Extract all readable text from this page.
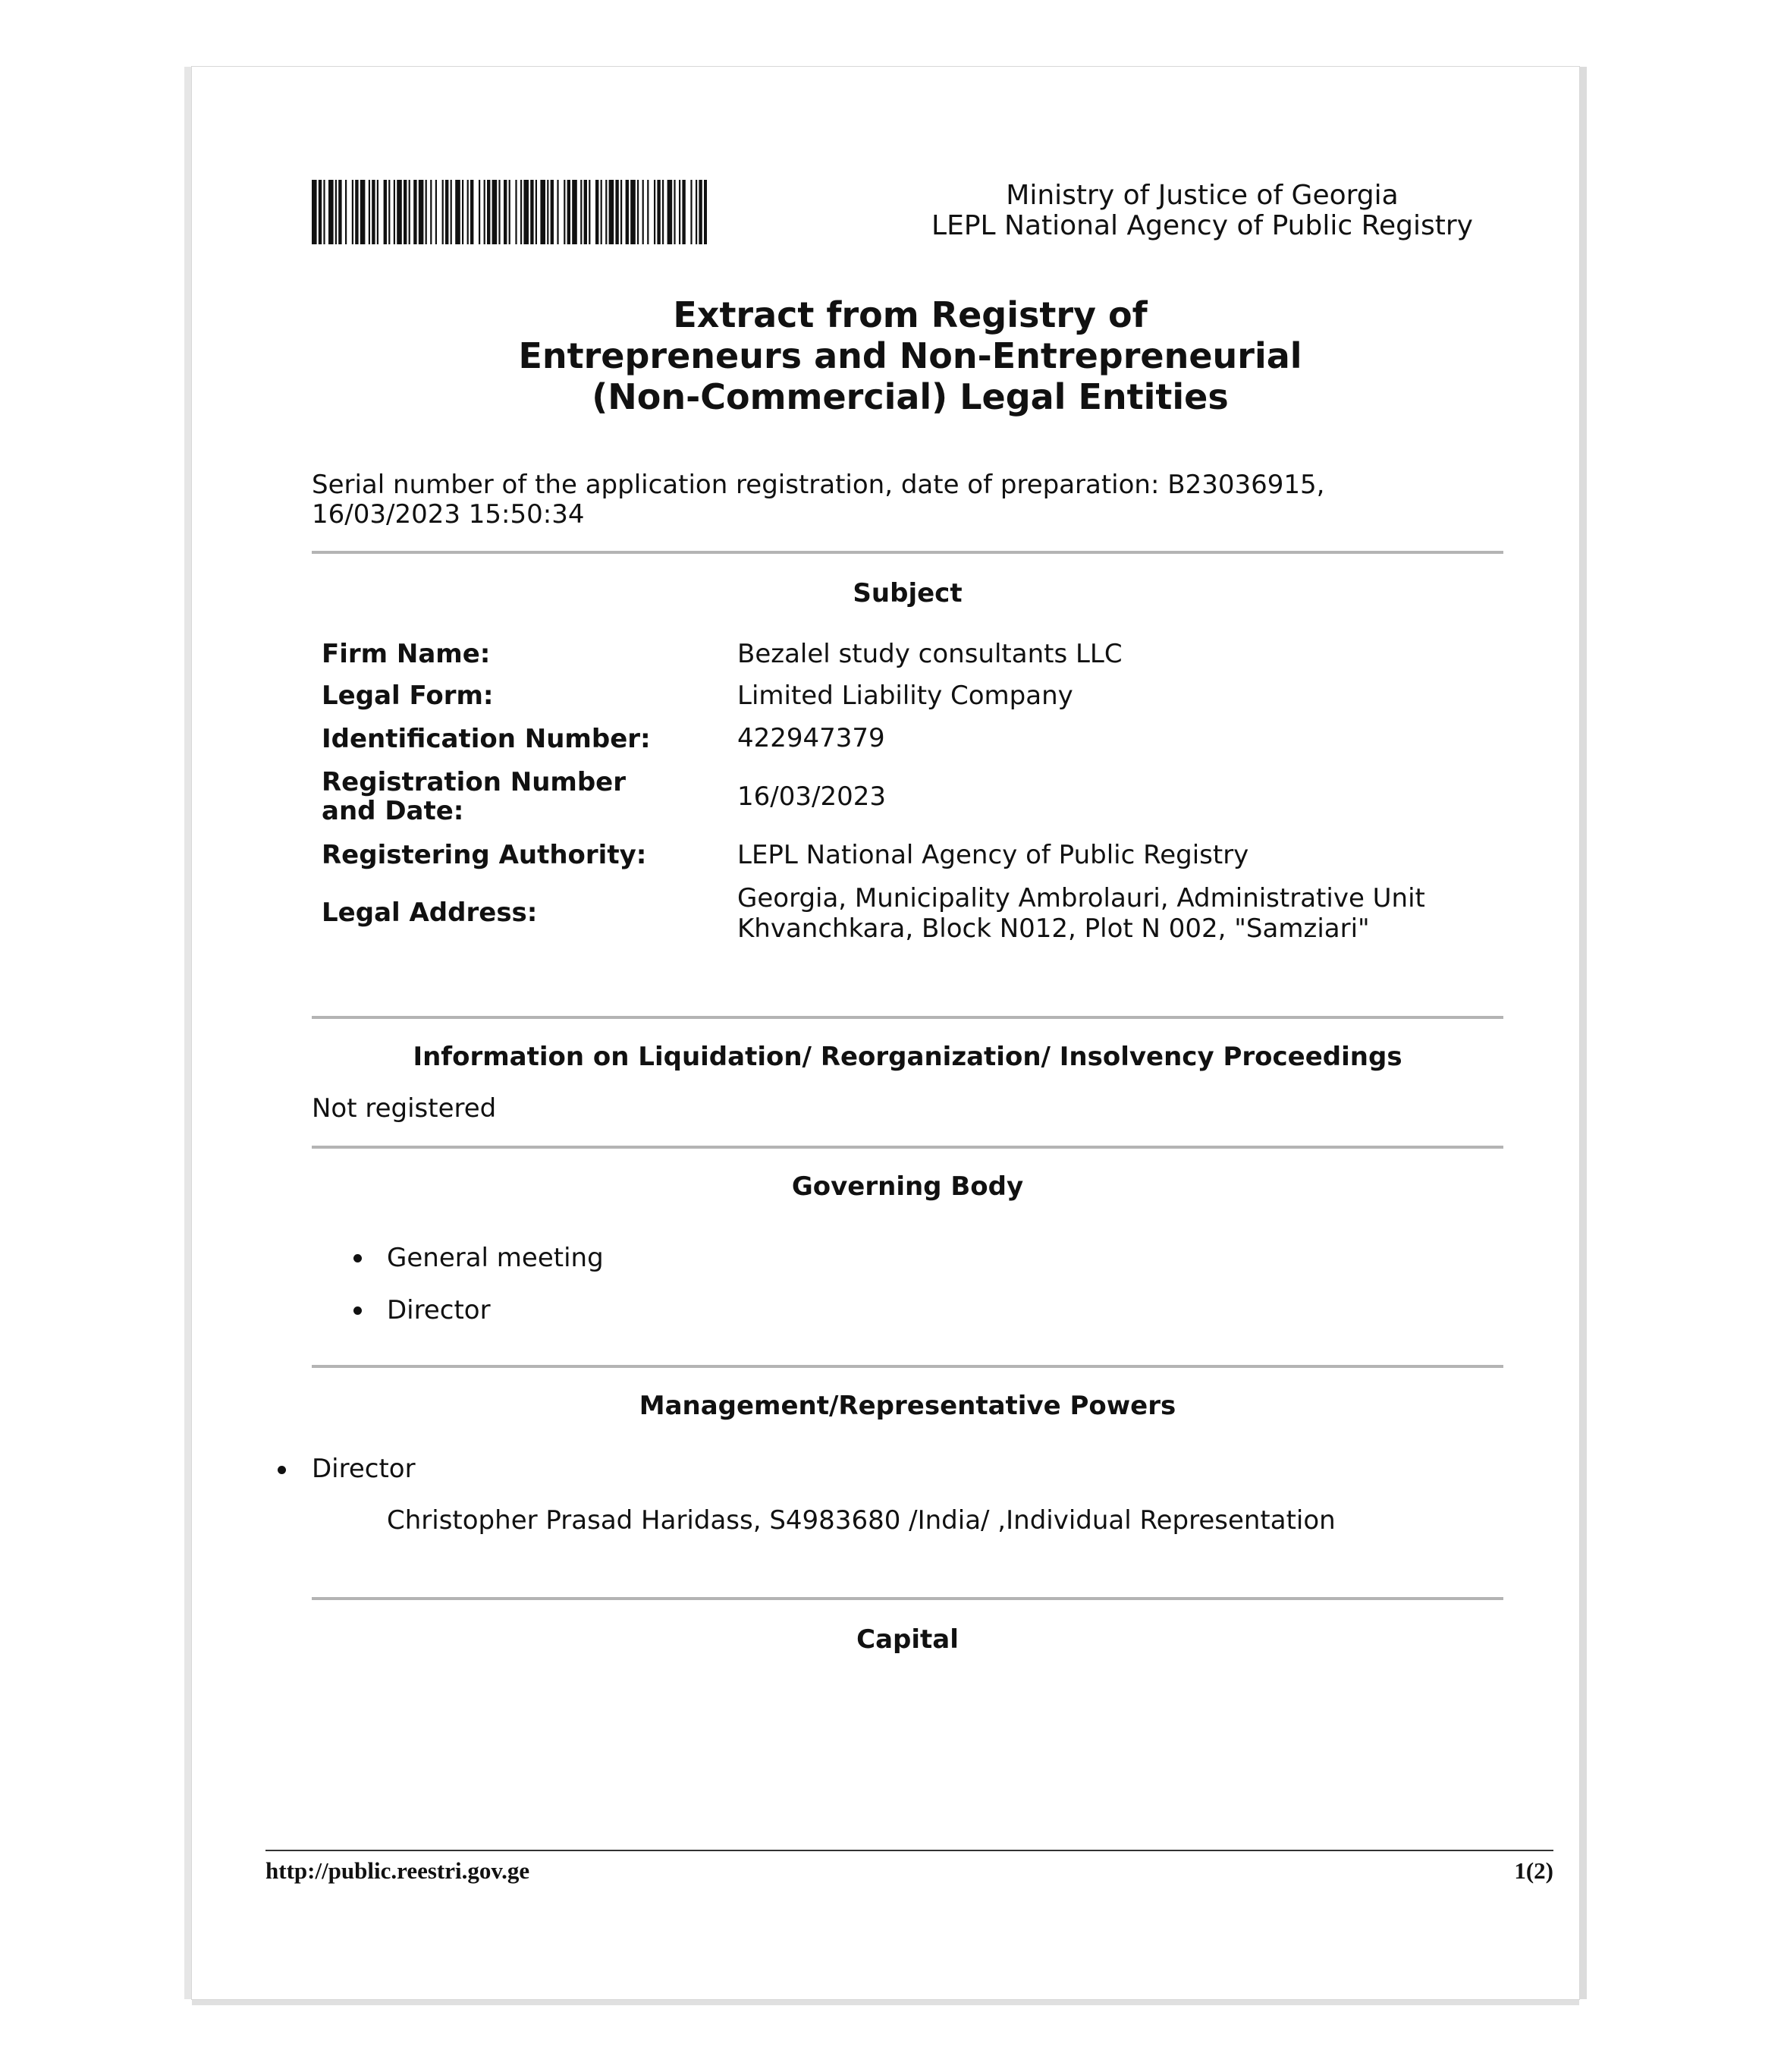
Ministry of Justice of Georgia
LEPL National Agency of Public Registry
Extract from Registry of
Entrepreneurs and Non-Entrepreneurial
(Non-Commercial) Legal Entities
Serial number of the application registration, date of preparation: B23036915,
16/03/2023 15:50:34
Subject
Firm Name:	Bezalel study consultants LLC
Legal Form:	Limited Liability Company
Identification Number:	422947379
Registration Number and Date:	16/03/2023
Registering Authority:	LEPL National Agency of Public Registry
Legal Address:	Georgia, Municipality Ambrolauri, Administrative Unit
Khvanchkara, Block N012, Plot N 002, "Samziari"
Information on Liquidation/ Reorganization/ Insolvency Proceedings
Not registered
Governing Body
General meeting
Director
Management/Representative Powers
Director
Christopher Prasad Haridass, S4983680 /India/ ,Individual Representation
Capital
http://public.reestri.gov.ge	1(2)
